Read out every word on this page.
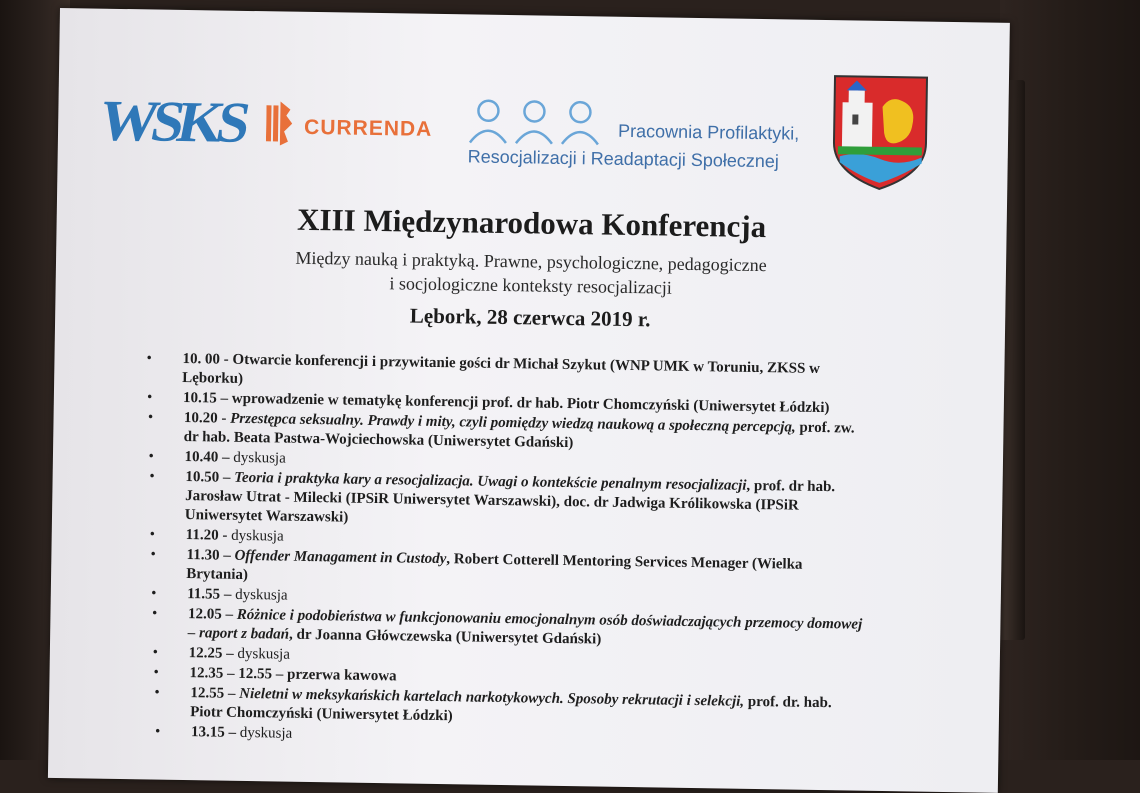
WSKS	CURRENDA	Pracownia Profilaktyki,
Resocjalizacji i Readaptacji Społecznej
XIII Międzynarodowa Konferencja
Między nauką i praktyką. Prawne, psychologiczne, pedagogiczne
i socjologiczne konteksty resocjalizacji
Lębork, 28 czerwca 2019 r.
• 10. 00 - Otwarcie konferencji i przywitanie gości dr Michał Szykut (WNP UMK w Toruniu, ZKSS w Lęborku)
• 10.15 – wprowadzenie w tematykę konferencji prof. dr hab. Piotr Chomczyński (Uniwersytet Łódzki)
• 10.20 - Przestępca seksualny. Prawdy i mity, czyli pomiędzy wiedzą naukową a społeczną percepcją, prof. zw. dr hab. Beata Pastwa-Wojciechowska (Uniwersytet Gdański)
• 10.40 – dyskusja
• 10.50 – Teoria i praktyka kary a resocjalizacja. Uwagi o kontekście penalnym resocjalizacji, prof. dr hab. Jarosław Utrat - Milecki (IPSiR Uniwersytet Warszawski), doc. dr Jadwiga Królikowska (IPSiR Uniwersytet Warszawski)
• 11.20 - dyskusja
• 11.30 – Offender Managament in Custody, Robert Cotterell Mentoring Services Menager (Wielka Brytania)
• 11.55 – dyskusja
• 12.05 – Różnice i podobieństwa w funkcjonowaniu emocjonalnym osób doświadczających przemocy domowej – raport z badań, dr Joanna Główczewska (Uniwersytet Gdański)
• 12.25 – dyskusja
• 12.35 – 12.55 – przerwa kawowa
• 12.55 – Nieletni w meksykańskich kartelach narkotykowych. Sposoby rekrutacji i selekcji, prof. dr. hab. Piotr Chomczyński (Uniwersytet Łódzki)
• 13.15 – dyskusja
